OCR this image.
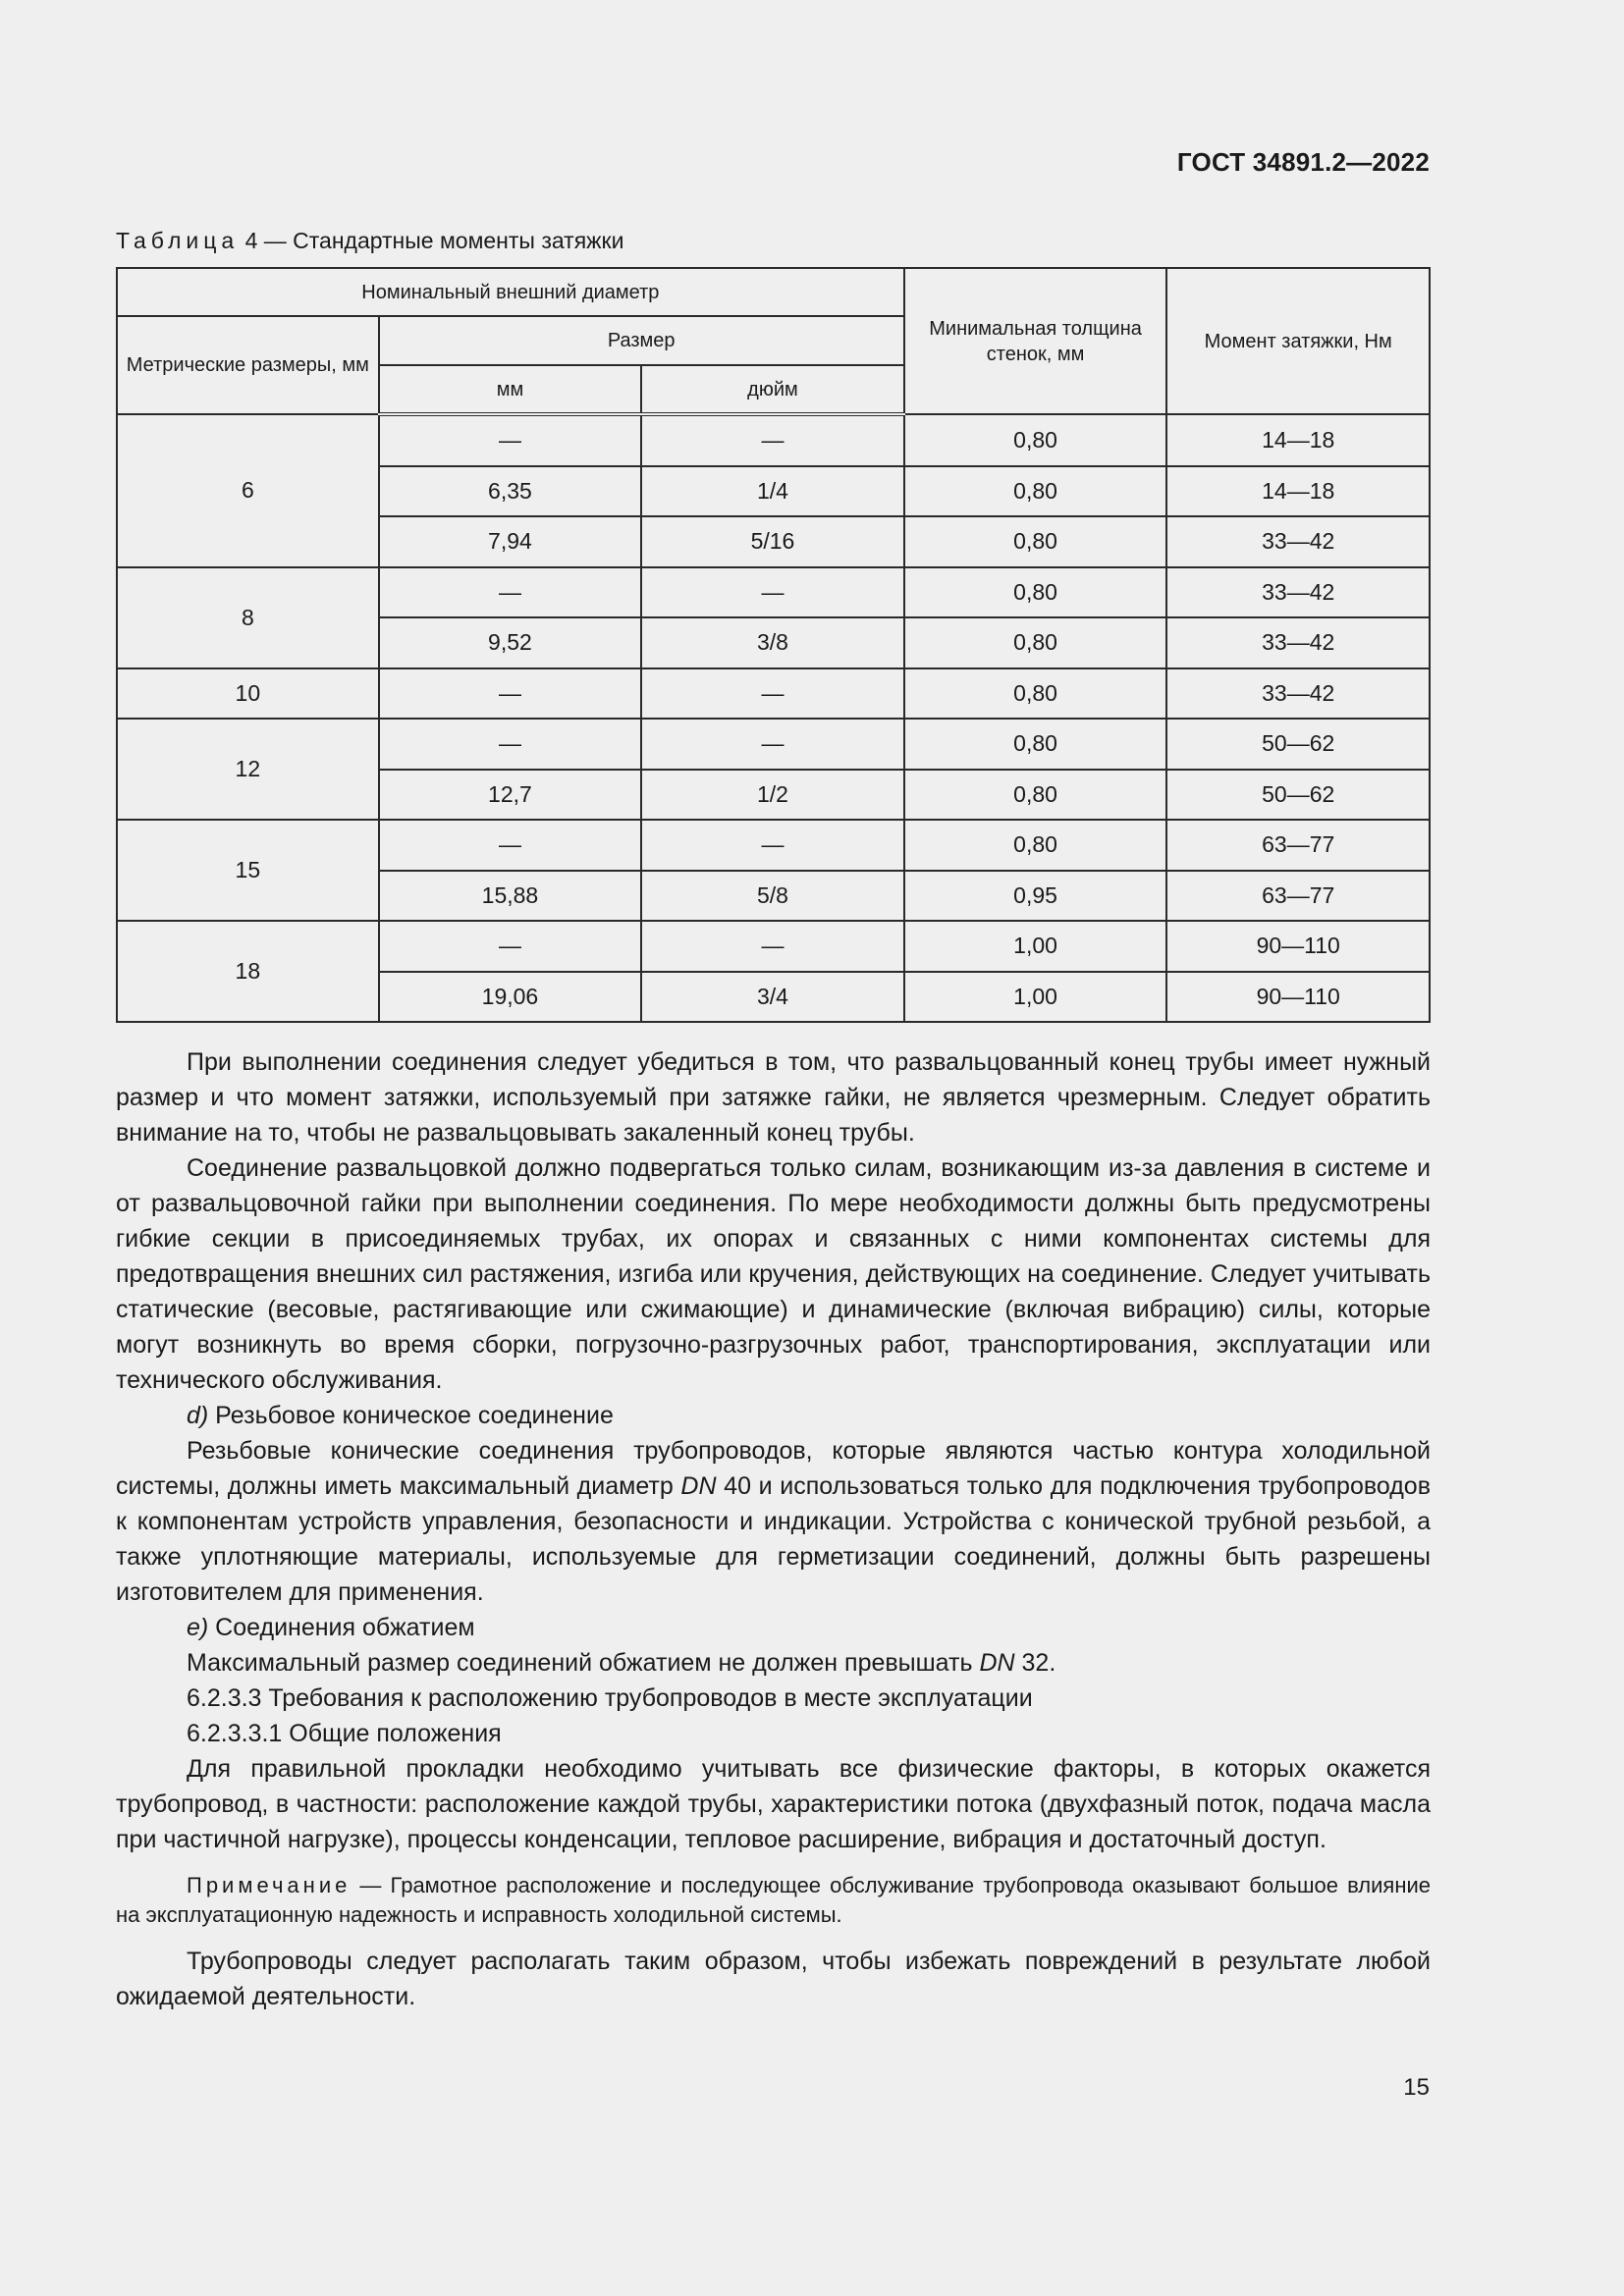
ГОСТ 34891.2—2022
Таблица 4 — Стандартные моменты затяжки
Номинальный внешний диаметр			Минимальная толщина стенок, мм	Момент затяжки, Нм
Метрические размеры, мм	Размер			
	мм	дюйм		
6	—	—	0,80	14—18
	6,35	1/4	0,80	14—18
	7,94	5/16	0,80	33—42
8	—	—	0,80	33—42
	9,52	3/8	0,80	33—42
10	—	—	0,80	33—42
12	—	—	0,80	50—62
	12,7	1/2	0,80	50—62
15	—	—	0,80	63—77
	15,88	5/8	0,95	63—77
18	—	—	1,00	90—110
	19,06	3/4	1,00	90—110

При выполнении соединения следует убедиться в том, что развальцованный конец трубы имеет нужный размер и что момент затяжки, используемый при затяжке гайки, не является чрезмерным. Следует обратить внимание на то, чтобы не развальцовывать закаленный конец трубы.

Соединение развальцовкой должно подвергаться только силам, возникающим из-за давления в системе и от развальцовочной гайки при выполнении соединения. По мере необходимости должны быть предусмотрены гибкие секции в присоединяемых трубах, их опорах и связанных с ними компонентах системы для предотвращения внешних сил растяжения, изгиба или кручения, действующих на соединение. Следует учитывать статические (весовые, растягивающие или сжимающие) и динамические (включая вибрацию) силы, которые могут возникнуть во время сборки, погрузочно-разгрузочных работ, транспортирования, эксплуатации или технического обслуживания.

d) Резьбовое коническое соединение

Резьбовые конические соединения трубопроводов, которые являются частью контура холодильной системы, должны иметь максимальный диаметр DN 40 и использоваться только для подключения трубопроводов к компонентам устройств управления, безопасности и индикации. Устройства с конической трубной резьбой, а также уплотняющие материалы, используемые для герметизации соединений, должны быть разрешены изготовителем для применения.

e) Соединения обжатием

Максимальный размер соединений обжатием не должен превышать DN 32.

6.2.3.3 Требования к расположению трубопроводов в месте эксплуатации

6.2.3.3.1 Общие положения

Для правильной прокладки необходимо учитывать все физические факторы, в которых окажется трубопровод, в частности: расположение каждой трубы, характеристики потока (двухфазный поток, подача масла при частичной нагрузке), процессы конденсации, тепловое расширение, вибрация и достаточный доступ.

Примечание — Грамотное расположение и последующее обслуживание трубопровода оказывают большое влияние на эксплуатационную надежность и исправность холодильной системы.

Трубопроводы следует располагать таким образом, чтобы избежать повреждений в результате любой ожидаемой деятельности.

15
